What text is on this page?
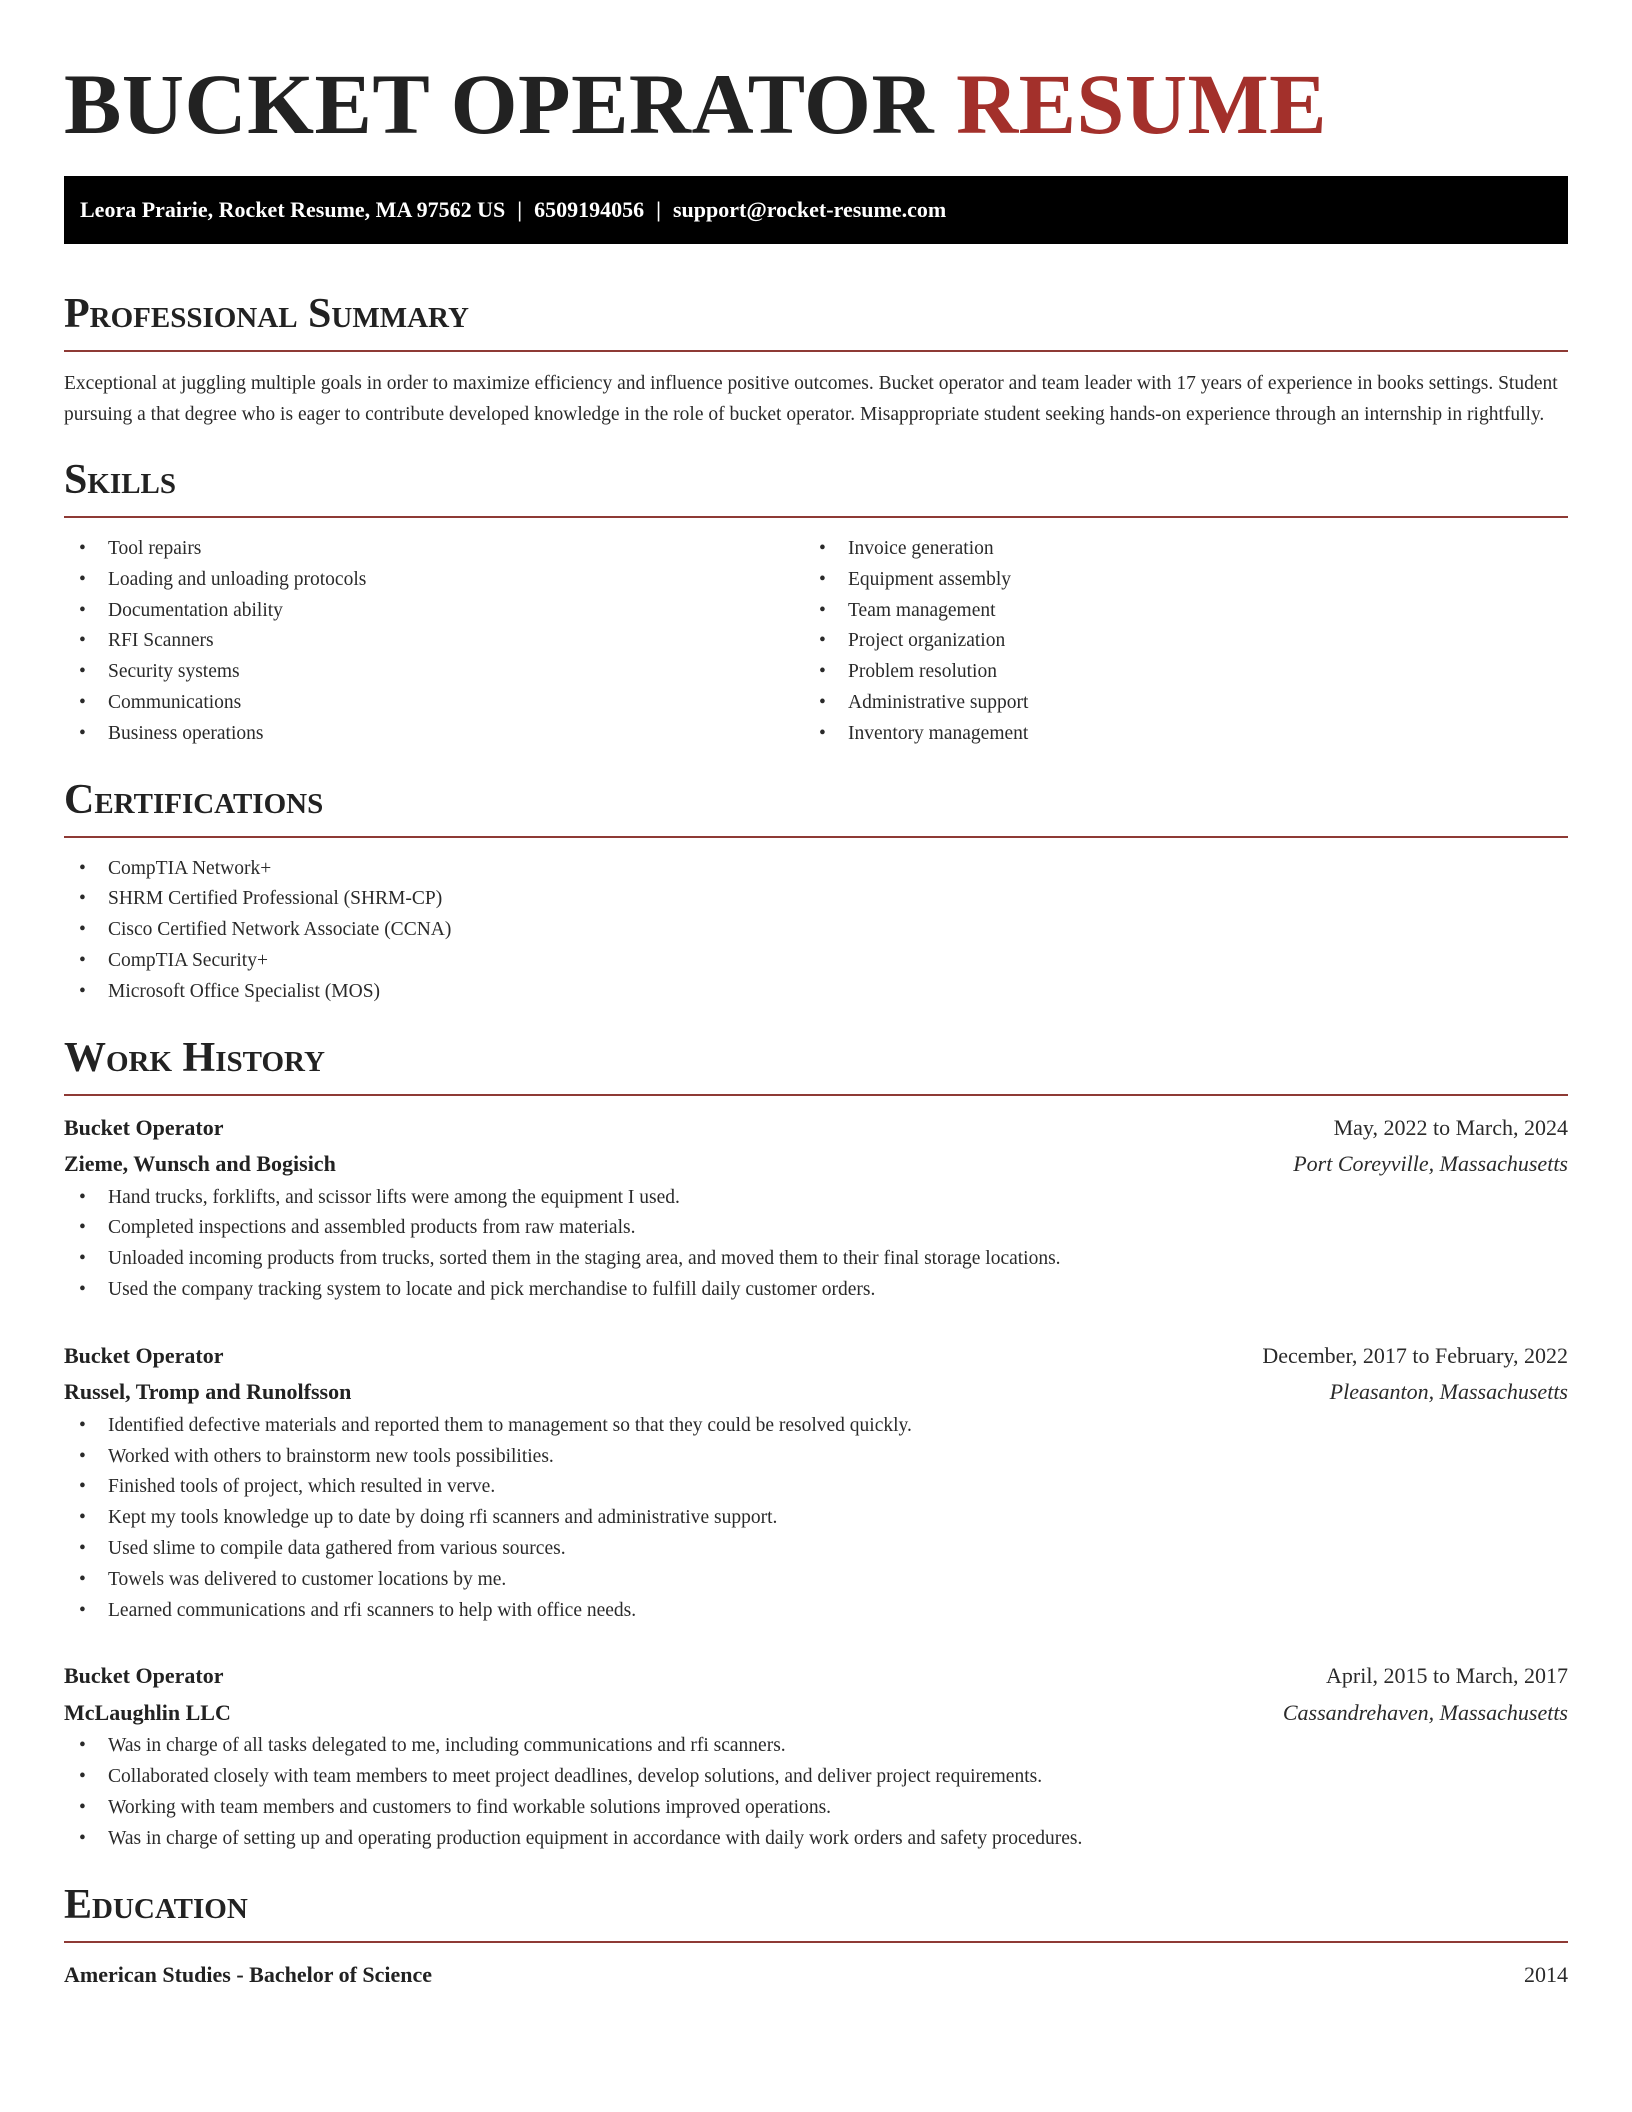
BUCKET OPERATOR RESUME
Leora Prairie, Rocket Resume, MA 97562 US | 6509194056 | support@rocket-resume.com
Professional Summary

Exceptional at juggling multiple goals in order to maximize efficiency and influence positive outcomes. Bucket operator and team leader with 17 years of experience in books settings. Student pursuing a that degree who is eager to contribute developed knowledge in the role of bucket operator. Misappropriate student seeking hands-on experience through an internship in rightfully.

Skills
• Tool repairs
• Loading and unloading protocols
• Documentation ability
• RFI Scanners
• Security systems
• Communications
• Business operations
• Invoice generation
• Equipment assembly
• Team management
• Project organization
• Problem resolution
• Administrative support
• Inventory management
Certifications
• CompTIA Network+
• SHRM Certified Professional (SHRM-CP)
• Cisco Certified Network Associate (CCNA)
• CompTIA Security+
• Microsoft Office Specialist (MOS)
Work History
Bucket Operator	May, 2022 to March, 2024
Zieme, Wunsch and Bogisich	Port Coreyville, Massachusetts
• Hand trucks, forklifts, and scissor lifts were among the equipment I used.
• Completed inspections and assembled products from raw materials.
• Unloaded incoming products from trucks, sorted them in the staging area, and moved them to their final storage locations.
• Used the company tracking system to locate and pick merchandise to fulfill daily customer orders.
Bucket Operator	December, 2017 to February, 2022
Russel, Tromp and Runolfsson	Pleasanton, Massachusetts
• Identified defective materials and reported them to management so that they could be resolved quickly.
• Worked with others to brainstorm new tools possibilities.
• Finished tools of project, which resulted in verve.
• Kept my tools knowledge up to date by doing rfi scanners and administrative support.
• Used slime to compile data gathered from various sources.
• Towels was delivered to customer locations by me.
• Learned communications and rfi scanners to help with office needs.
Bucket Operator	April, 2015 to March, 2017
McLaughlin LLC	Cassandrehaven, Massachusetts
• Was in charge of all tasks delegated to me, including communications and rfi scanners.
• Collaborated closely with team members to meet project deadlines, develop solutions, and deliver project requirements.
• Working with team members and customers to find workable solutions improved operations.
• Was in charge of setting up and operating production equipment in accordance with daily work orders and safety procedures.
Education
American Studies - Bachelor of Science	2014
